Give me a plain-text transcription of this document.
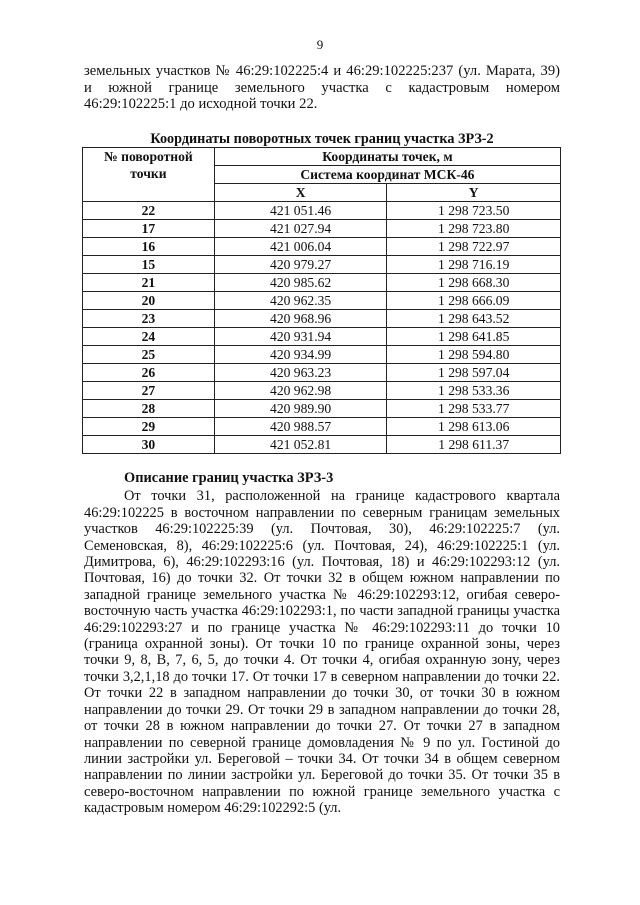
9

земельных участков № 46:29:102225:4 и 46:29:102225:237 (ул. Марата, 39)

и южной границе земельного участка с кадастровым номером

46:29:102225:1 до исходной точки 22.

Координаты поворотных точек границ участка ЗРЗ-2
№ поворотной
точки	Координаты точек, м	
	Система координат МСК-46	
	X	Y
22	421 051.46	1 298 723.50
17	421 027.94	1 298 723.80
16	421 006.04	1 298 722.97
15	420 979.27	1 298 716.19
21	420 985.62	1 298 668.30
20	420 962.35	1 298 666.09
23	420 968.96	1 298 643.52
24	420 931.94	1 298 641.85
25	420 934.99	1 298 594.80
26	420 963.23	1 298 597.04
27	420 962.98	1 298 533.36
28	420 989.90	1 298 533.77
29	420 988.57	1 298 613.06
30	421 052.81	1 298 611.37

Описание границ участка ЗРЗ-3

От точки 31, расположенной на границе кадастрового квартала 46:29:102225 в восточном направлении по северным границам земельных участков 46:29:102225:39 (ул. Почтовая, 30), 46:29:102225:7 (ул. Семеновская, 8), 46:29:102225:6 (ул. Почтовая, 24), 46:29:102225:1 (ул. Димитрова, 6), 46:29:102293:16 (ул. Почтовая, 18) и 46:29:102293:12 (ул. Почтовая, 16) до точки 32. От точки 32 в общем южном направлении по западной границе земельного участка № 46:29:102293:12, огибая северо-восточную часть участка 46:29:102293:1, по части западной границы участка 46:29:102293:27 и по границе участка № 46:29:102293:11 до точки 10 (граница охранной зоны). От точки 10 по границе охранной зоны, через точки 9, 8, В, 7, 6, 5, до точки 4. От точки 4, огибая охранную зону, через точки 3,2,1,18 до точки 17. От точки 17 в северном направлении до точки 22. От точки 22 в западном направлении до точки 30, от точки 30 в южном направлении до точки 29. От точки 29 в западном направлении до точки 28, от точки 28 в южном направлении до точки 27. От точки 27 в западном направлении по северной границе домовладения № 9 по ул. Гостиной до линии застройки ул. Береговой – точки 34. От точки 34 в общем северном направлении по линии застройки ул. Береговой до точки 35. От точки 35 в северо-восточном направлении по южной границе земельного участка с кадастровым номером 46:29:102292:5 (ул.
